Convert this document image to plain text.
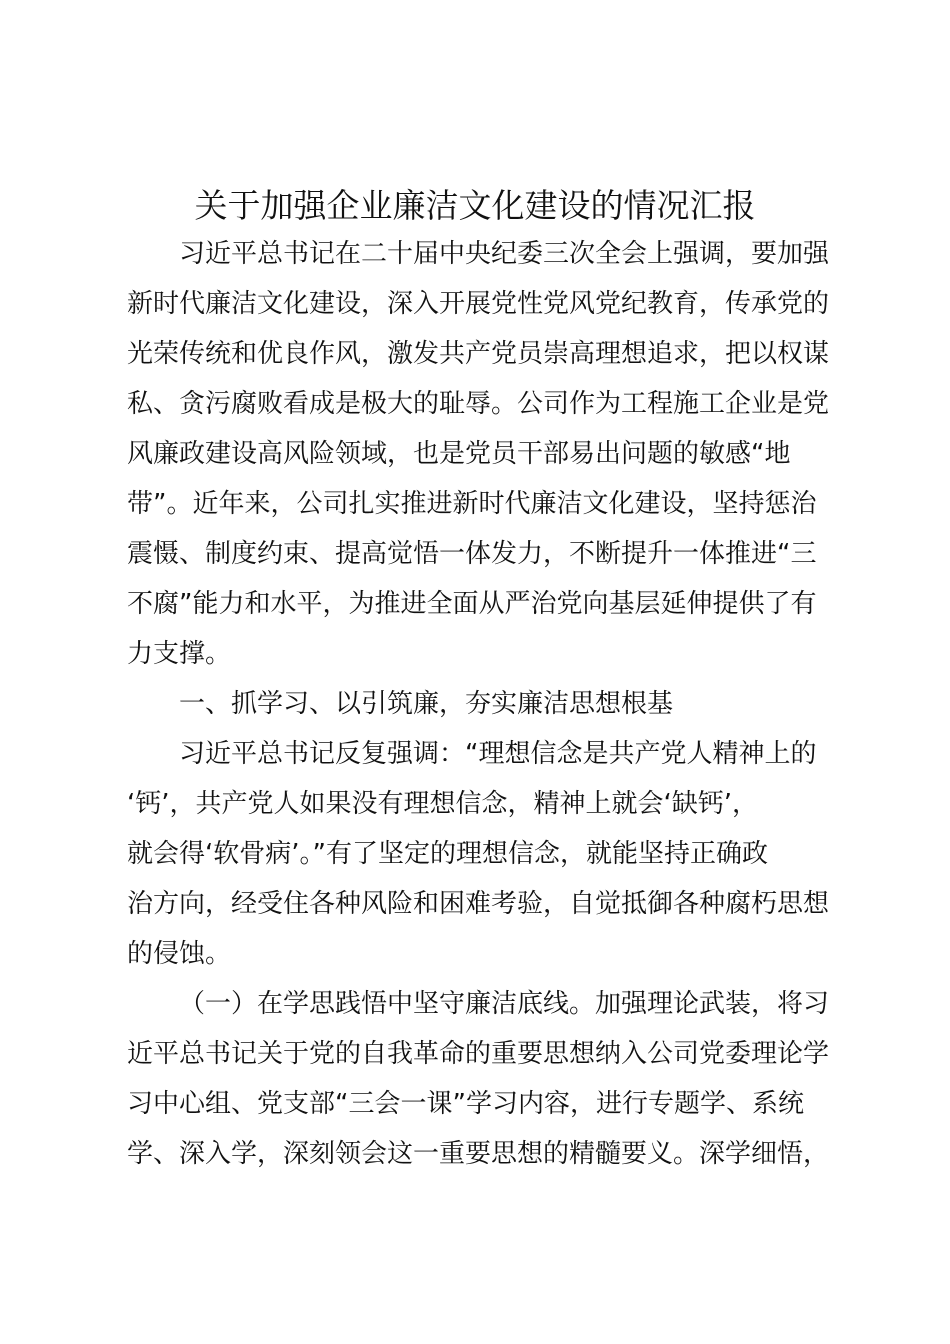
关于加强企业廉洁文化建设的情况汇报
习近平总书记在二十届中央纪委三次全会上强调，要加强
新时代廉洁文化建设，深入开展党性党风党纪教育，传承党的
光荣传统和优良作风，激发共产党员崇高理想追求，把以权谋
私、贪污腐败看成是极大的耻辱。公司作为工程施工企业是党
风廉政建设高风险领域，也是党员干部易出问题的敏感“地
带”。近年来，公司扎实推进新时代廉洁文化建设，坚持惩治
震慑、制度约束、提高觉悟一体发力，不断提升一体推进“三
不腐”能力和水平，为推进全面从严治党向基层延伸提供了有
力支撑。
一、抓学习、以引筑廉，夯实廉洁思想根基
习近平总书记反复强调：“理想信念是共产党人精神上的
‘钙’，共产党人如果没有理想信念，精神上就会‘缺钙’，
就会得‘软骨病’。”有了坚定的理想信念，就能坚持正确政
治方向，经受住各种风险和困难考验，自觉抵御各种腐朽思想
的侵蚀。
（一）在学思践悟中坚守廉洁底线。加强理论武装，将习
近平总书记关于党的自我革命的重要思想纳入公司党委理论学
习中心组、党支部“三会一课”学习内容，进行专题学、系统
学、深入学，深刻领会这一重要思想的精髓要义。深学细悟，
